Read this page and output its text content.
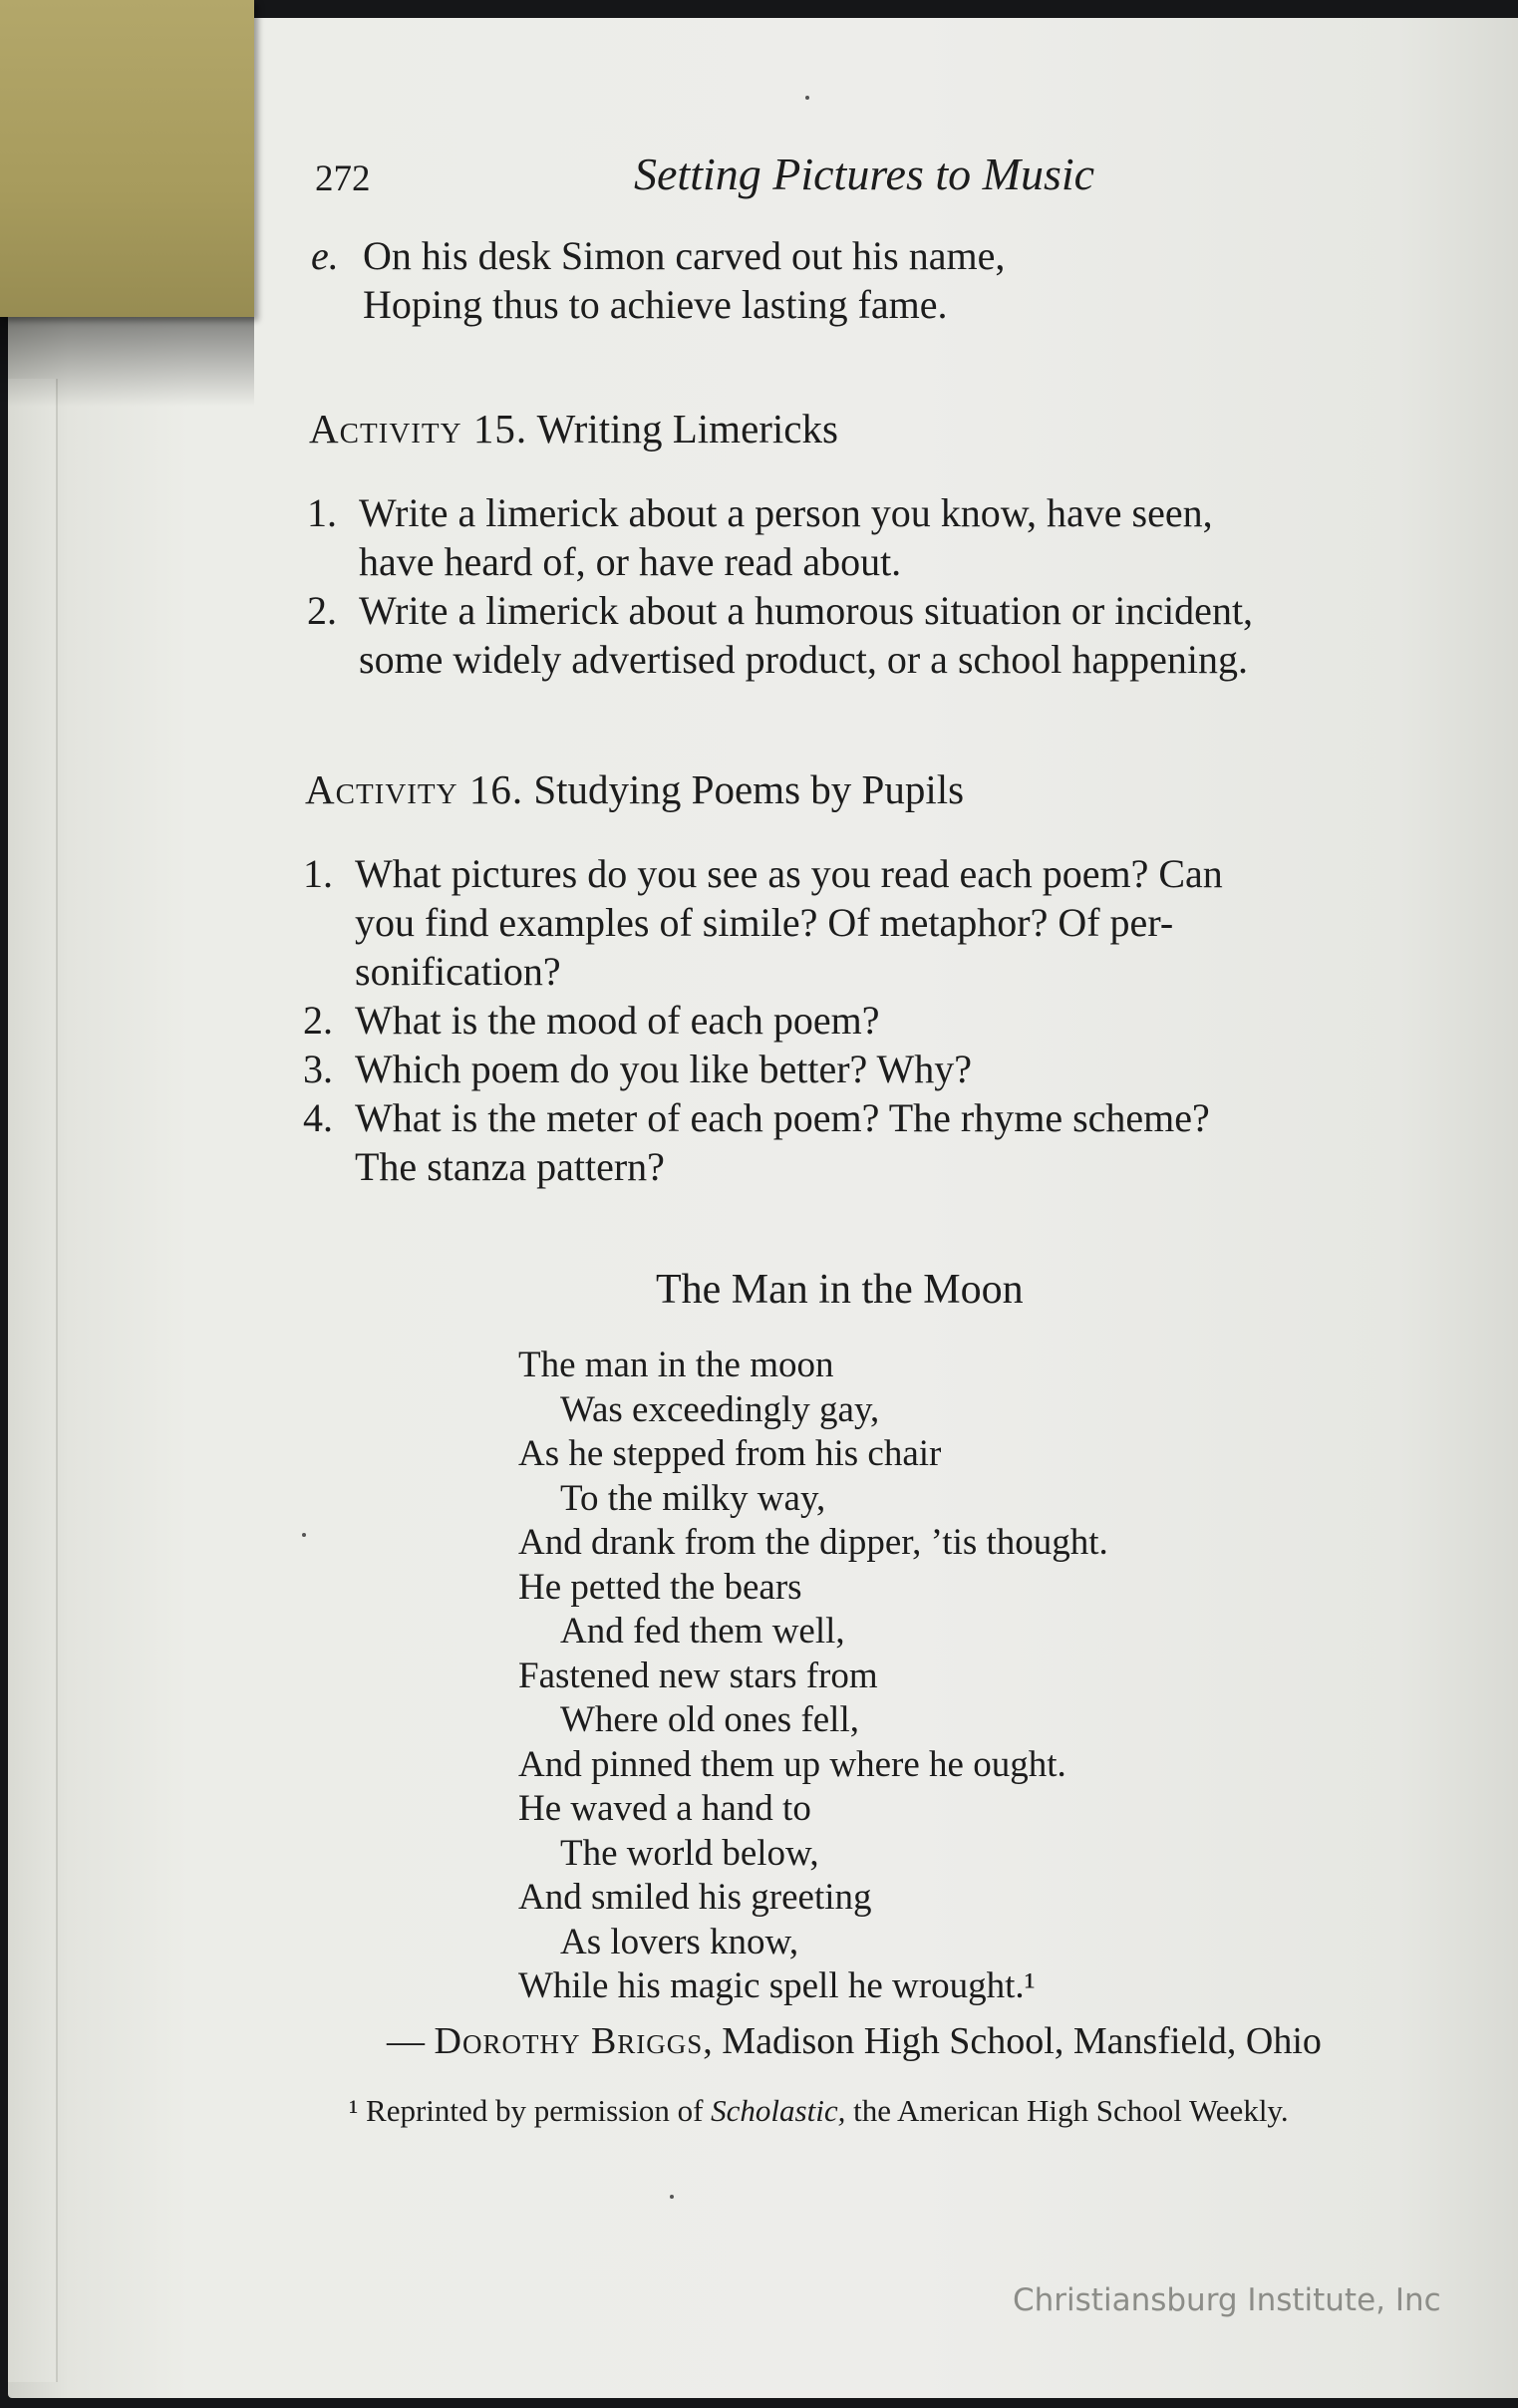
272	Setting Pictures to Music
e. On his desk Simon carved out his name,
Hoping thus to achieve lasting fame.
Activity 15. Writing Limericks
1. Write a limerick about a person you know, have seen,
have heard of, or have read about.
2. Write a limerick about a humorous situation or incident,
some widely advertised product, or a school happening.
Activity 16. Studying Poems by Pupils
1. What pictures do you see as you read each poem? Can
you find examples of simile? Of metaphor? Of per-
sonification?
2. What is the mood of each poem?
3. Which poem do you like better? Why?
4. What is the meter of each poem? The rhyme scheme?
The stanza pattern?
The Man in the Moon
The man in the moon
Was exceedingly gay,
As he stepped from his chair
To the milky way,
And drank from the dipper, ’tis thought.
He petted the bears
And fed them well,
Fastened new stars from
Where old ones fell,
And pinned them up where he ought.
He waved a hand to
The world below,
And smiled his greeting
As lovers know,
While his magic spell he wrought.¹
— Dorothy Briggs, Madison High School, Mansfield, Ohio
¹ Reprinted by permission of Scholastic, the American High School Weekly.
Christiansburg Institute, Inc
